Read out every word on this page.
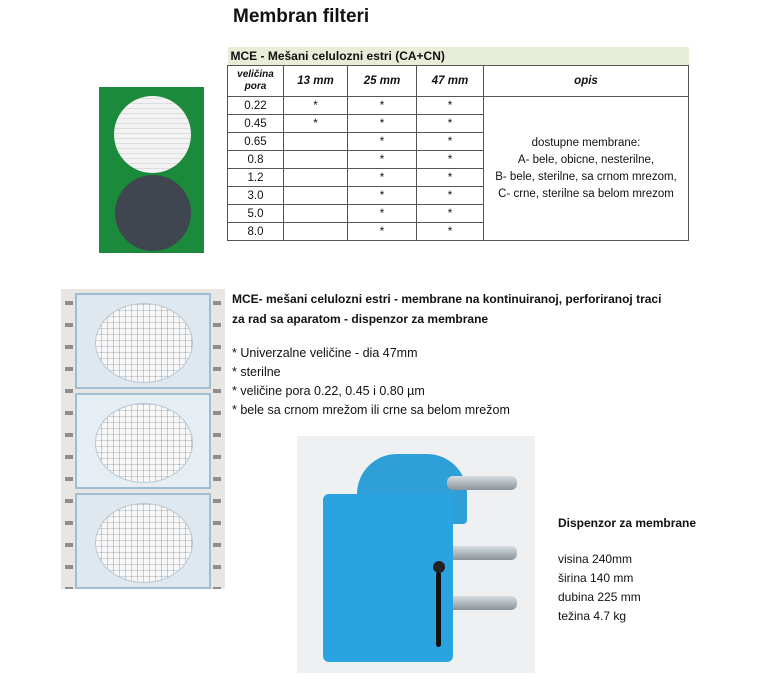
Membran filteri
MCE - Mešani celulozni estri (CA+CN)				
veličina pora	13 mm	25 mm	47 mm	opis
0.22	*	*	*	dostupne membrane:
A- bele, obicne, nesterilne,
B- bele, sterilne, sa crnom mrezom,
C- crne, sterilne sa belom mrezom

0.45	*	*	*	
0.65		*	*	
0.8		*	*	
1.2		*	*	
3.0		*	*	
5.0		*	*	
8.0		*	*	
MCE- mešani celulozni estri - membrane na kontinuiranoj, perforiranoj traci za rad sa aparatom - dispenzor za membrane
* Univerzalne veličine - dia 47mm
* sterilne
* veličine pora 0.22, 0.45 i 0.80 µm
* bele sa crnom mrežom ili crne sa belom mrežom
Dispenzor za membrane
visina 240mm
širina 140 mm
dubina 225 mm
težina 4.7 kg
